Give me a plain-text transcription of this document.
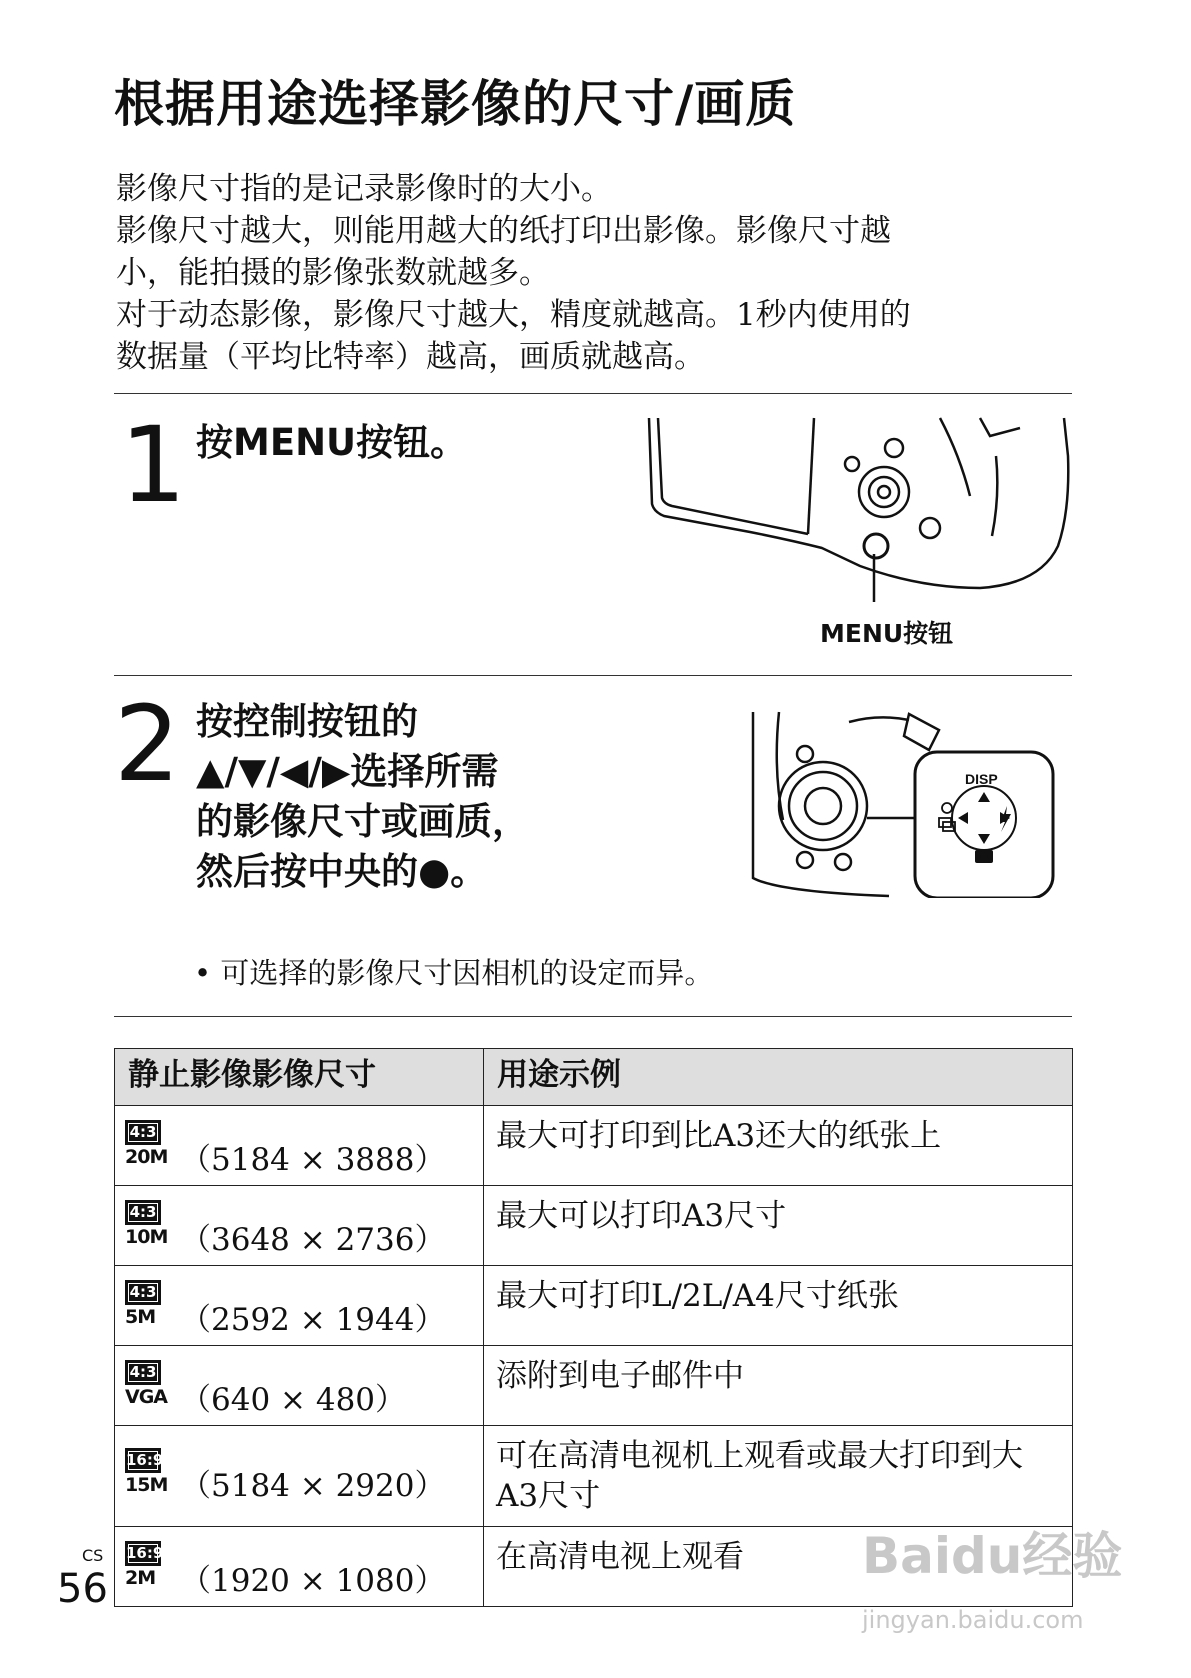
根据用途选择影像的尺寸/画质
影像尺寸指的是记录影像时的大小。
影像尺寸越大，则能用越大的纸打印出影像。影像尺寸越
小，能拍摄的影像张数就越多。
对于动态影像，影像尺寸越大，精度就越高。1秒内使用的
数据量（平均比特率）越高，画质就越高。
1 按MENU按钮。
MENU按钮
2 按控制按钮的
▲/▼/◀/▶选择所需
的影像尺寸或画质，
然后按中央的●。
DISP
• 可选择的影像尺寸因相机的设定而异。
静止影像影像尺寸	用途示例

4:3
20M （5184 × 3888）	最大可打印到比A3还大的纸张上

4:3
10M （3648 × 2736）	最大可以打印A3尺寸

4:3
5M （2592 × 1944）	最大可打印L/2L/A4尺寸纸张

4:3
VGA （640 × 480）	添附到电子邮件中

16:9
15M （5184 × 2920）	可在高清电视机上观看或最大打印到大A3尺寸

16:9
2M （1920 × 1080）	在高清电视上观看
CS
56
Baidu经验
jingyan.baidu.com
